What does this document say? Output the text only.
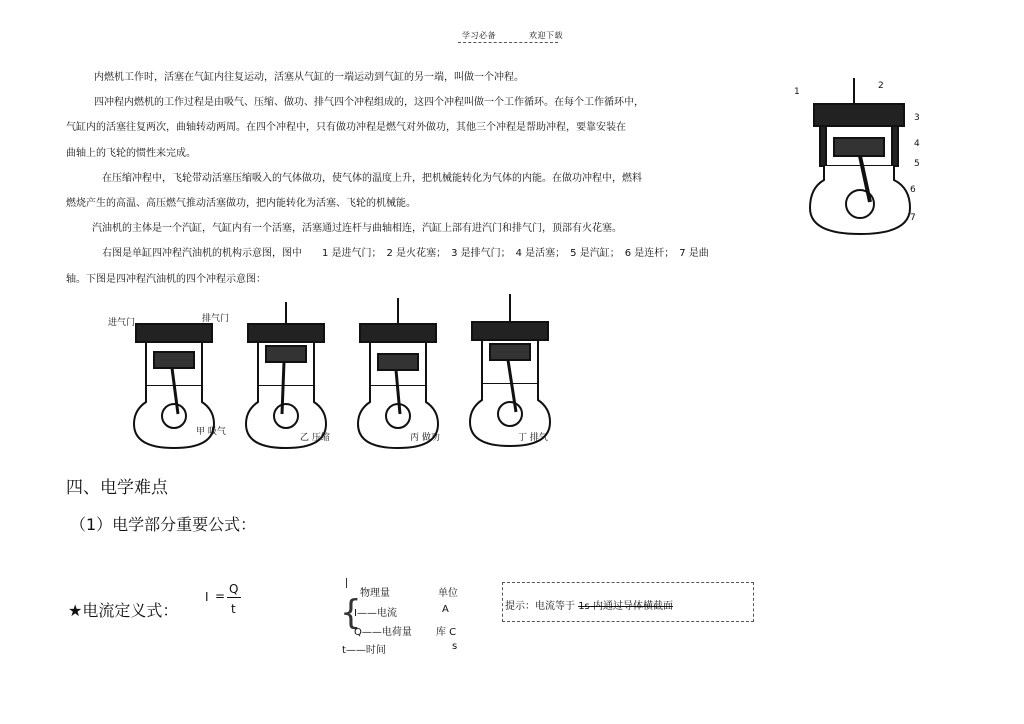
学习必备	欢迎下载
内燃机工作时，活塞在气缸内往复运动，活塞从气缸的一端运动到气缸的另一端，叫做一个冲程。
四冲程内燃机的工作过程是由吸气、压缩、做功、排气四个冲程组成的，这四个冲程叫做一个工作循环。在每个工作循环中，
气缸内的活塞往复两次，曲轴转动两周。在四个冲程中，只有做功冲程是燃气对外做功，其他三个冲程是帮助冲程，要靠安装在
曲轴上的飞轮的惯性来完成。
在压缩冲程中，飞轮带动活塞压缩吸入的气体做功，使气体的温度上升，把机械能转化为气体的内能。在做功冲程中，燃料
燃烧产生的高温、高压燃气推动活塞做功，把内能转化为活塞、飞轮的机械能。
汽油机的主体是一个汽缸，气缸内有一个活塞，活塞通过连杆与曲轴相连，汽缸上部有进汽门和排气门，顶部有火花塞。
右图是单缸四冲程汽油机的机构示意图，图中　　1 是进气门；　2 是火花塞；　3 是排气门；　4 是活塞；　5 是汽缸；　6 是连杆；　7 是曲
轴。下图是四冲程汽油机的四个冲程示意图：
1
2
3
4
5
6
7
进气门	排气门
甲 吸气
乙 压缩	丙 做功	丁 排气
四、电学难点
（1）电学部分重要公式：
★电流定义式：
I = Q
t
物理量	单位
{
I——电流	A
Q——电荷量 库 C
t——时间	s
提示：电流等于 1s 内通过导体横截面
